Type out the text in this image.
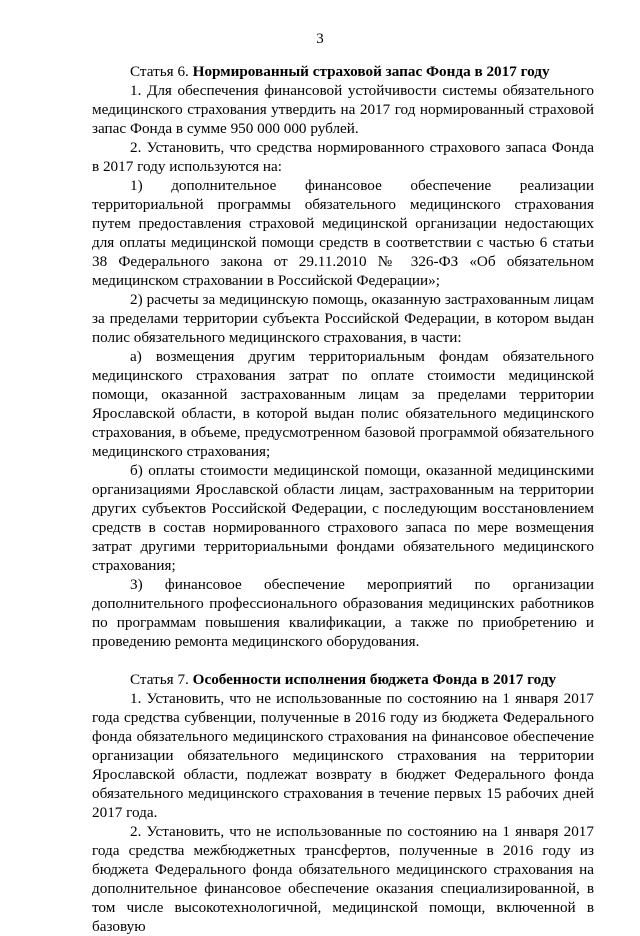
3

Статья 6. Нормированный страховой запас Фонда в 2017 году

1. Для обеспечения финансовой устойчивости системы обязательного медицинского страхования утвердить на 2017 год нормированный страховой запас Фонда в сумме 950 000 000 рублей.

2. Установить, что средства нормированного страхового запаса Фонда в 2017 году используются на:

1) дополнительное финансовое обеспечение реализации территориальной программы обязательного медицинского страхования путем предоставления страховой медицинской организации недостающих для оплаты медицинской помощи средств в соответствии с частью 6 статьи 38 Федерального закона от 29.11.2010 № 326-ФЗ «Об обязательном медицинском страховании в Российской Федерации»;

2) расчеты за медицинскую помощь, оказанную застрахованным лицам за пределами территории субъекта Российской Федерации, в котором выдан полис обязательного медицинского страхования, в части:

а) возмещения другим территориальным фондам обязательного медицинского страхования затрат по оплате стоимости медицинской помощи, оказанной застрахованным лицам за пределами территории Ярославской области, в которой выдан полис обязательного медицинского страхования, в объеме, предусмотренном базовой программой обязательного медицинского страхования;

б) оплаты стоимости медицинской помощи, оказанной медицинскими организациями Ярославской области лицам, застрахованным на территории других субъектов Российской Федерации, с последующим восстановлением средств в состав нормированного страхового запаса по мере возмещения затрат другими территориальными фондами обязательного медицинского страхования;

3) финансовое обеспечение мероприятий по организации дополнительного профессионального образования медицинских работников по программам повышения квалификации, а также по приобретению и проведению ремонта медицинского оборудования.

Статья 7. Особенности исполнения бюджета Фонда в 2017 году

1. Установить, что не использованные по состоянию на 1 января 2017 года средства субвенции, полученные в 2016 году из бюджета Федерального фонда обязательного медицинского страхования на финансовое обеспечение организации обязательного медицинского страхования на территории Ярославской области, подлежат возврату в бюджет Федерального фонда обязательного медицинского страхования в течение первых 15 рабочих дней 2017 года.

2. Установить, что не использованные по состоянию на 1 января 2017 года средства межбюджетных трансфертов, полученные в 2016 году из бюджета Федерального фонда обязательного медицинского страхования на дополнительное финансовое обеспечение оказания специализированной, в том числе высокотехнологичной, медицинской помощи, включенной в базовую
